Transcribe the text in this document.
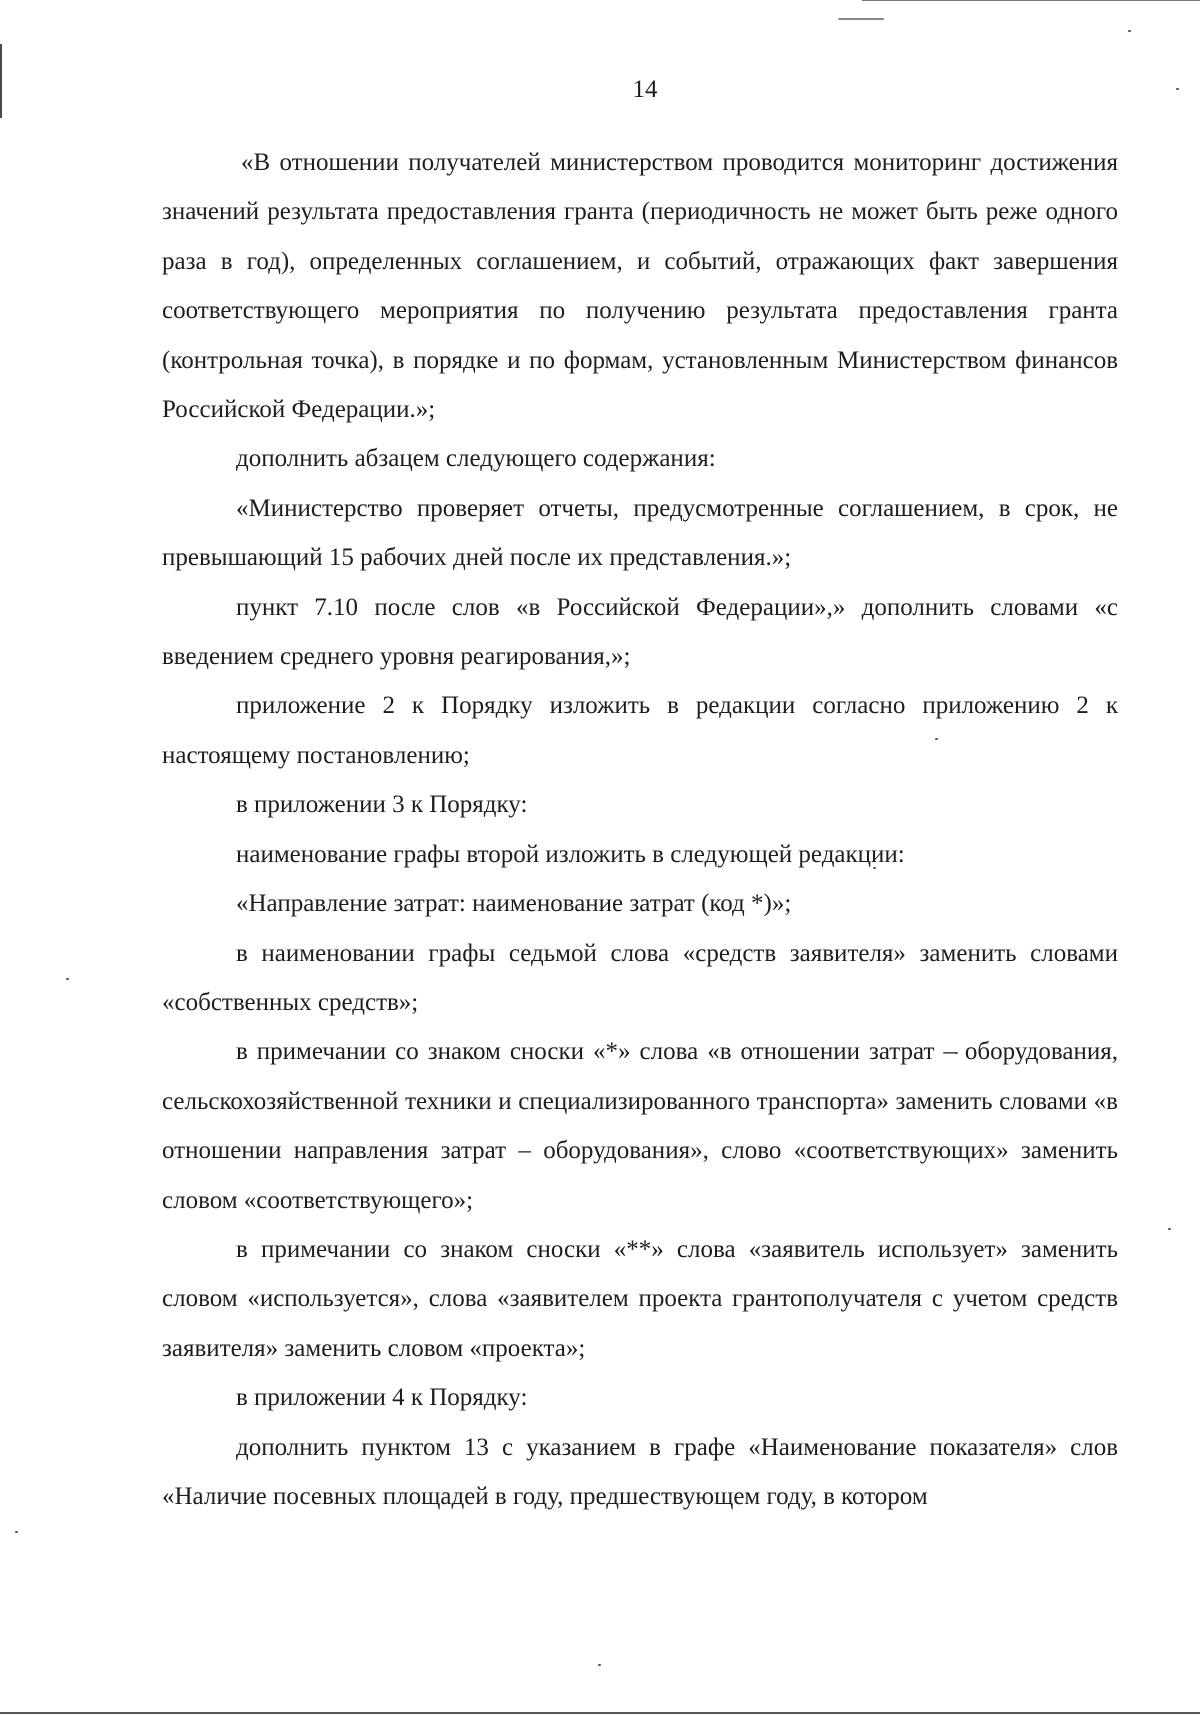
14

«В отношении получателей министерством проводится мониторинг достижения значений результата предоставления гранта (периодичность не может быть реже одного раза в год), определенных соглашением, и событий, отражающих факт завершения соответствующего мероприятия по получению результата предоставления гранта (контрольная точка), в порядке и по формам, установленным Министерством финансов Российской Федерации.»;

дополнить абзацем следующего содержания:

«Министерство проверяет отчеты, предусмотренные соглашением, в срок, не превышающий 15 рабочих дней после их представления.»;

пункт 7.10 после слов «в Российской Федерации»,» дополнить словами «с введением среднего уровня реагирования,»;

приложение 2 к Порядку изложить в редакции согласно приложению 2 к настоящему постановлению;

в приложении 3 к Порядку:

наименование графы второй изложить в следующей редакции:

«Направление затрат: наименование затрат (код *)»;

в наименовании графы седьмой слова «средств заявителя» заменить словами «собственных средств»;

в примечании со знаком сноски «*» слова «в отношении затрат – оборудования, сельскохозяйственной техники и специализированного транспорта» заменить словами «в отношении направления затрат – оборудования», слово «соответствующих» заменить словом «соответствующего»;

в примечании со знаком сноски «**» слова «заявитель использует» заменить словом «используется», слова «заявителем проекта грантополучателя с учетом средств заявителя» заменить словом «проекта»;

в приложении 4 к Порядку:

дополнить пунктом 13 с указанием в графе «Наименование показателя» слов «Наличие посевных площадей в году, предшествующем году, в котором
